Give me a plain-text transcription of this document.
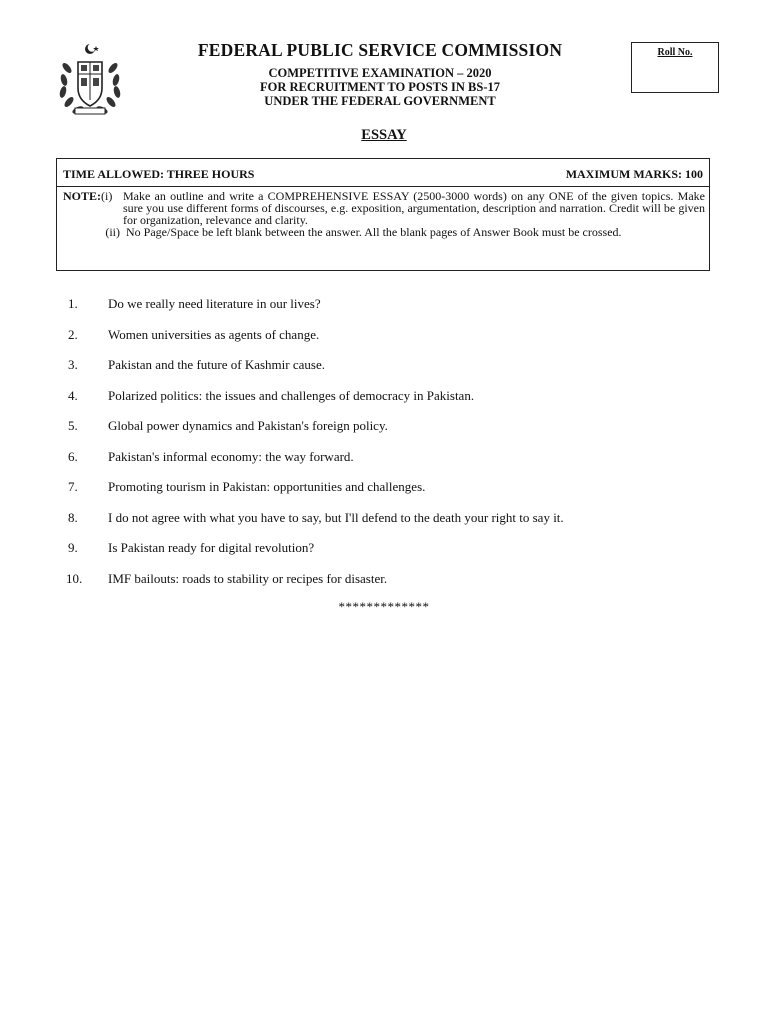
FEDERAL PUBLIC SERVICE COMMISSION
COMPETITIVE EXAMINATION – 2020
FOR RECRUITMENT TO POSTS IN BS-17
UNDER THE FEDERAL GOVERNMENT
Roll No.
ESSAY
TIME ALLOWED: THREE HOURS	MAXIMUM MARKS: 100
NOTE:(i) Make an outline and write a COMPREHENSIVE ESSAY (2500-3000 words) on any ONE of the given topics. Make sure you use different forms of discourses, e.g. exposition, argumentation, description and narration. Credit will be given for organization, relevance and clarity.
(ii) No Page/Space be left blank between the answer. All the blank pages of Answer Book must be crossed.
1. Do we really need literature in our lives?
2. Women universities as agents of change.
3. Pakistan and the future of Kashmir cause.
4. Polarized politics: the issues and challenges of democracy in Pakistan.
5. Global power dynamics and Pakistan's foreign policy.
6. Pakistan's informal economy: the way forward.
7. Promoting tourism in Pakistan: opportunities and challenges.
8. I do not agree with what you have to say, but I'll defend to the death your right to say it.
9. Is Pakistan ready for digital revolution?
10. IMF bailouts: roads to stability or recipes for disaster.
*************
